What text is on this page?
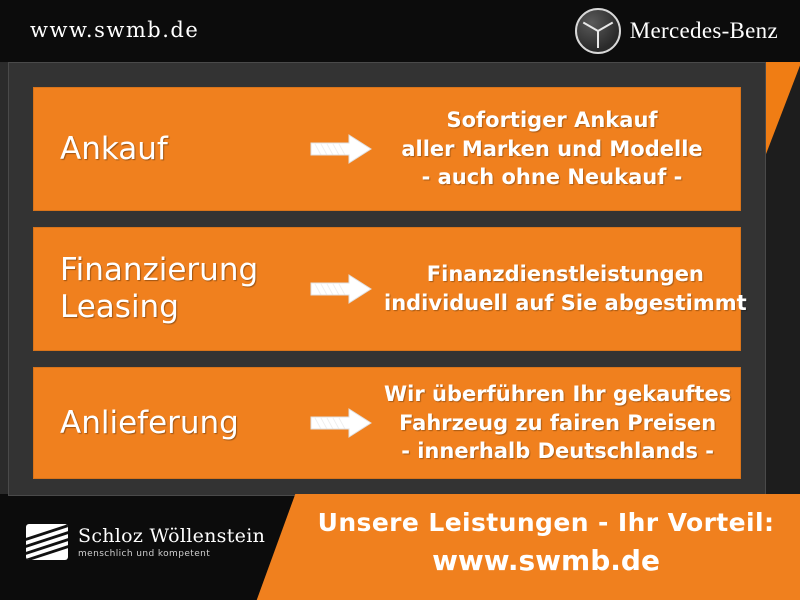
www.swmb.de	Mercedes-Benz
Ankauf
Sofortiger Ankauf
aller Marken und Modelle
- auch ohne Neukauf -
Finanzierung
Leasing
Finanzdienstleistungen
individuell auf Sie abgestimmt
Anlieferung
Wir überführen Ihr gekauftes
Fahrzeug zu fairen Preisen
- innerhalb Deutschlands -
Unsere Leistungen - Ihr Vorteil:
www.swmb.de
Schloz Wöllenstein
menschlich und kompetent
